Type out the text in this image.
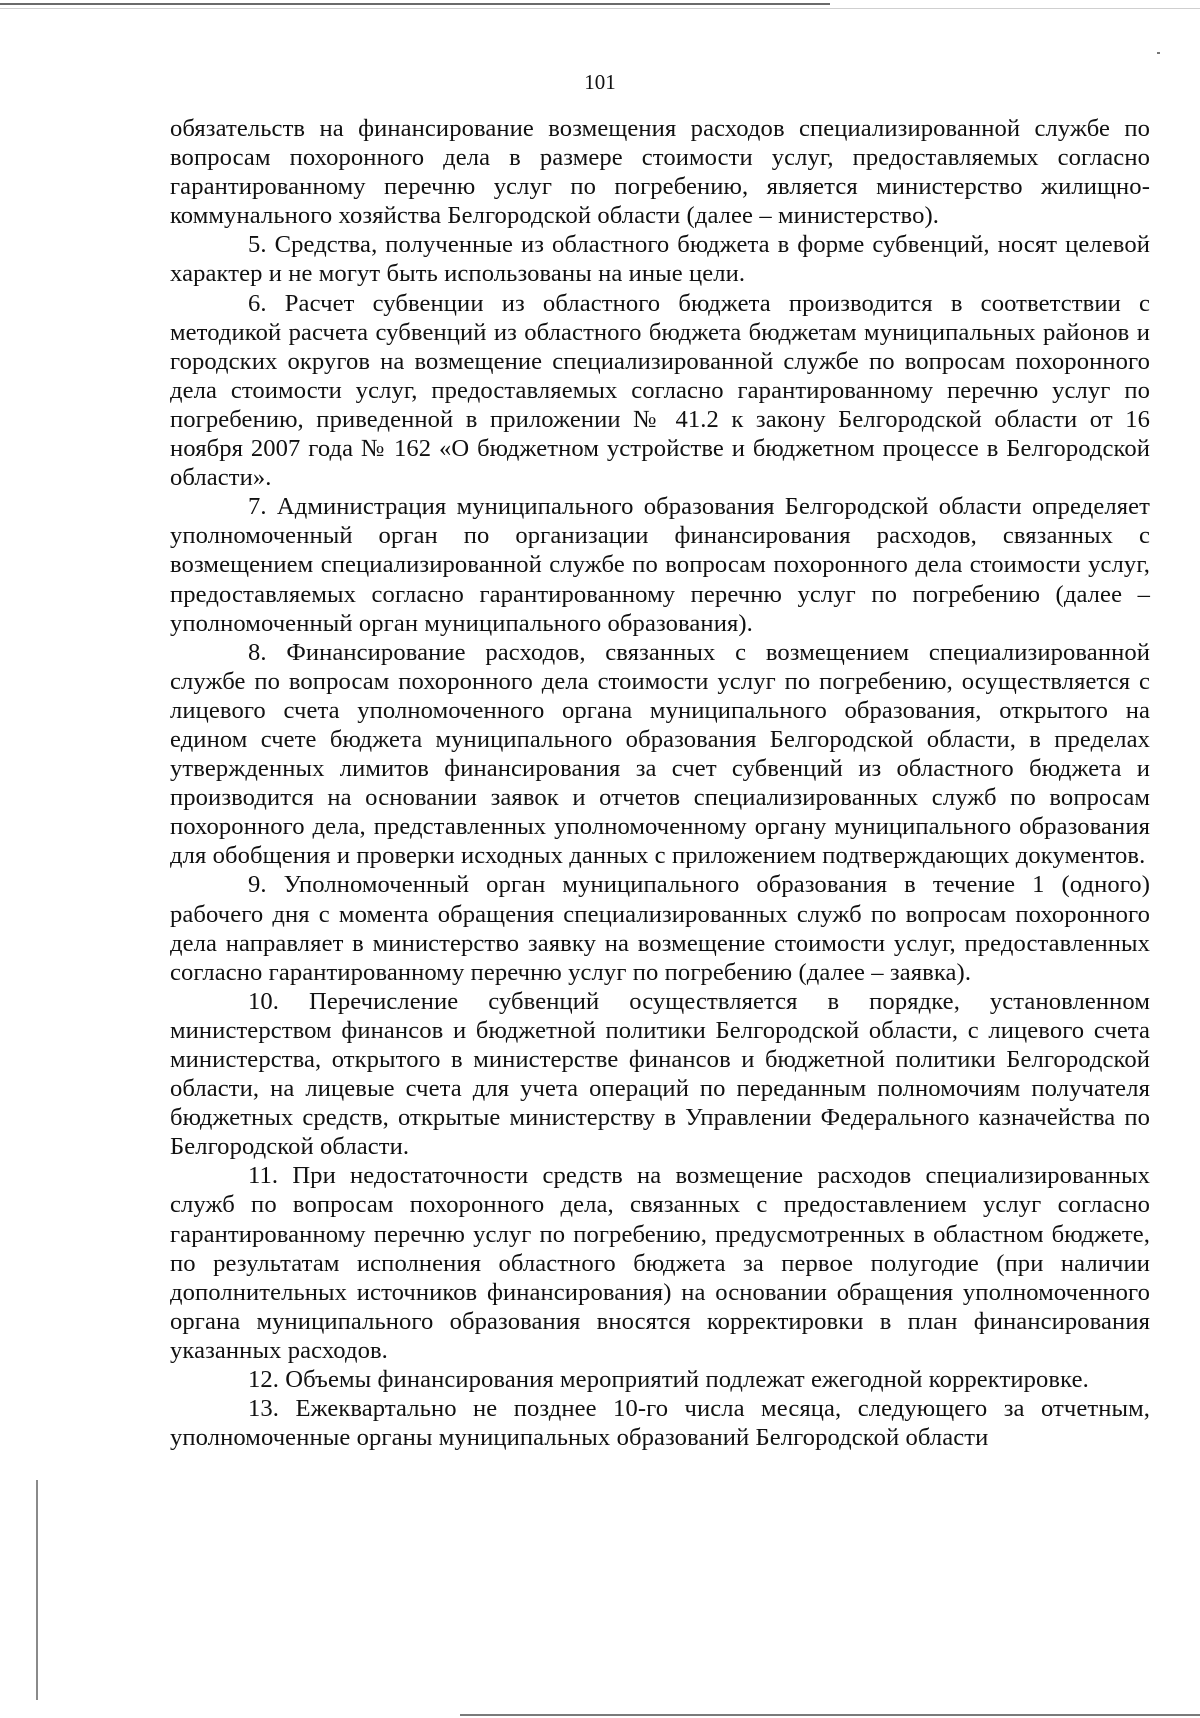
101

обязательств на финансирование возмещения расходов специализированной службе по вопросам похоронного дела в размере стоимости услуг, предоставляемых согласно гарантированному перечню услуг по погребению, является министерство жилищно-коммунального хозяйства Белгородской области (далее – министерство).

5. Средства, полученные из областного бюджета в форме субвенций, носят целевой характер и не могут быть использованы на иные цели.

6. Расчет субвенции из областного бюджета производится в соответствии с методикой расчета субвенций из областного бюджета бюджетам муниципальных районов и городских округов на возмещение специализированной службе по вопросам похоронного дела стоимости услуг, предоставляемых согласно гарантированному перечню услуг по погребению, приведенной в приложении № 41.2 к закону Белгородской области от 16 ноября 2007 года № 162 «О бюджетном устройстве и бюджетном процессе в Белгородской области».

7. Администрация муниципального образования Белгородской области определяет уполномоченный орган по организации финансирования расходов, связанных с возмещением специализированной службе по вопросам похоронного дела стоимости услуг, предоставляемых согласно гарантированному перечню услуг по погребению (далее – уполномоченный орган муниципального образования).

8. Финансирование расходов, связанных с возмещением специализированной службе по вопросам похоронного дела стоимости услуг по погребению, осуществляется с лицевого счета уполномоченного органа муниципального образования, открытого на едином счете бюджета муниципального образования Белгородской области, в пределах утвержденных лимитов финансирования за счет субвенций из областного бюджета и производится на основании заявок и отчетов специализированных служб по вопросам похоронного дела, представленных уполномоченному органу муниципального образования для обобщения и проверки исходных данных с приложением подтверждающих документов.

9. Уполномоченный орган муниципального образования в течение 1 (одного) рабочего дня с момента обращения специализированных служб по вопросам похоронного дела направляет в министерство заявку на возмещение стоимости услуг, предоставленных согласно гарантированному перечню услуг по погребению (далее – заявка).

10. Перечисление субвенций осуществляется в порядке, установленном министерством финансов и бюджетной политики Белгородской области, с лицевого счета министерства, открытого в министерстве финансов и бюджетной политики Белгородской области, на лицевые счета для учета операций по переданным полномочиям получателя бюджетных средств, открытые министерству в Управлении Федерального казначейства по Белгородской области.

11. При недостаточности средств на возмещение расходов специализированных служб по вопросам похоронного дела, связанных с предоставлением услуг согласно гарантированному перечню услуг по погребению, предусмотренных в областном бюджете, по результатам исполнения областного бюджета за первое полугодие (при наличии дополнительных источников финансирования) на основании обращения уполномоченного органа муниципального образования вносятся корректировки в план финансирования указанных расходов.

12. Объемы финансирования мероприятий подлежат ежегодной корректировке.

13. Ежеквартально не позднее 10-го числа месяца, следующего за отчетным, уполномоченные органы муниципальных образований Белгородской области
